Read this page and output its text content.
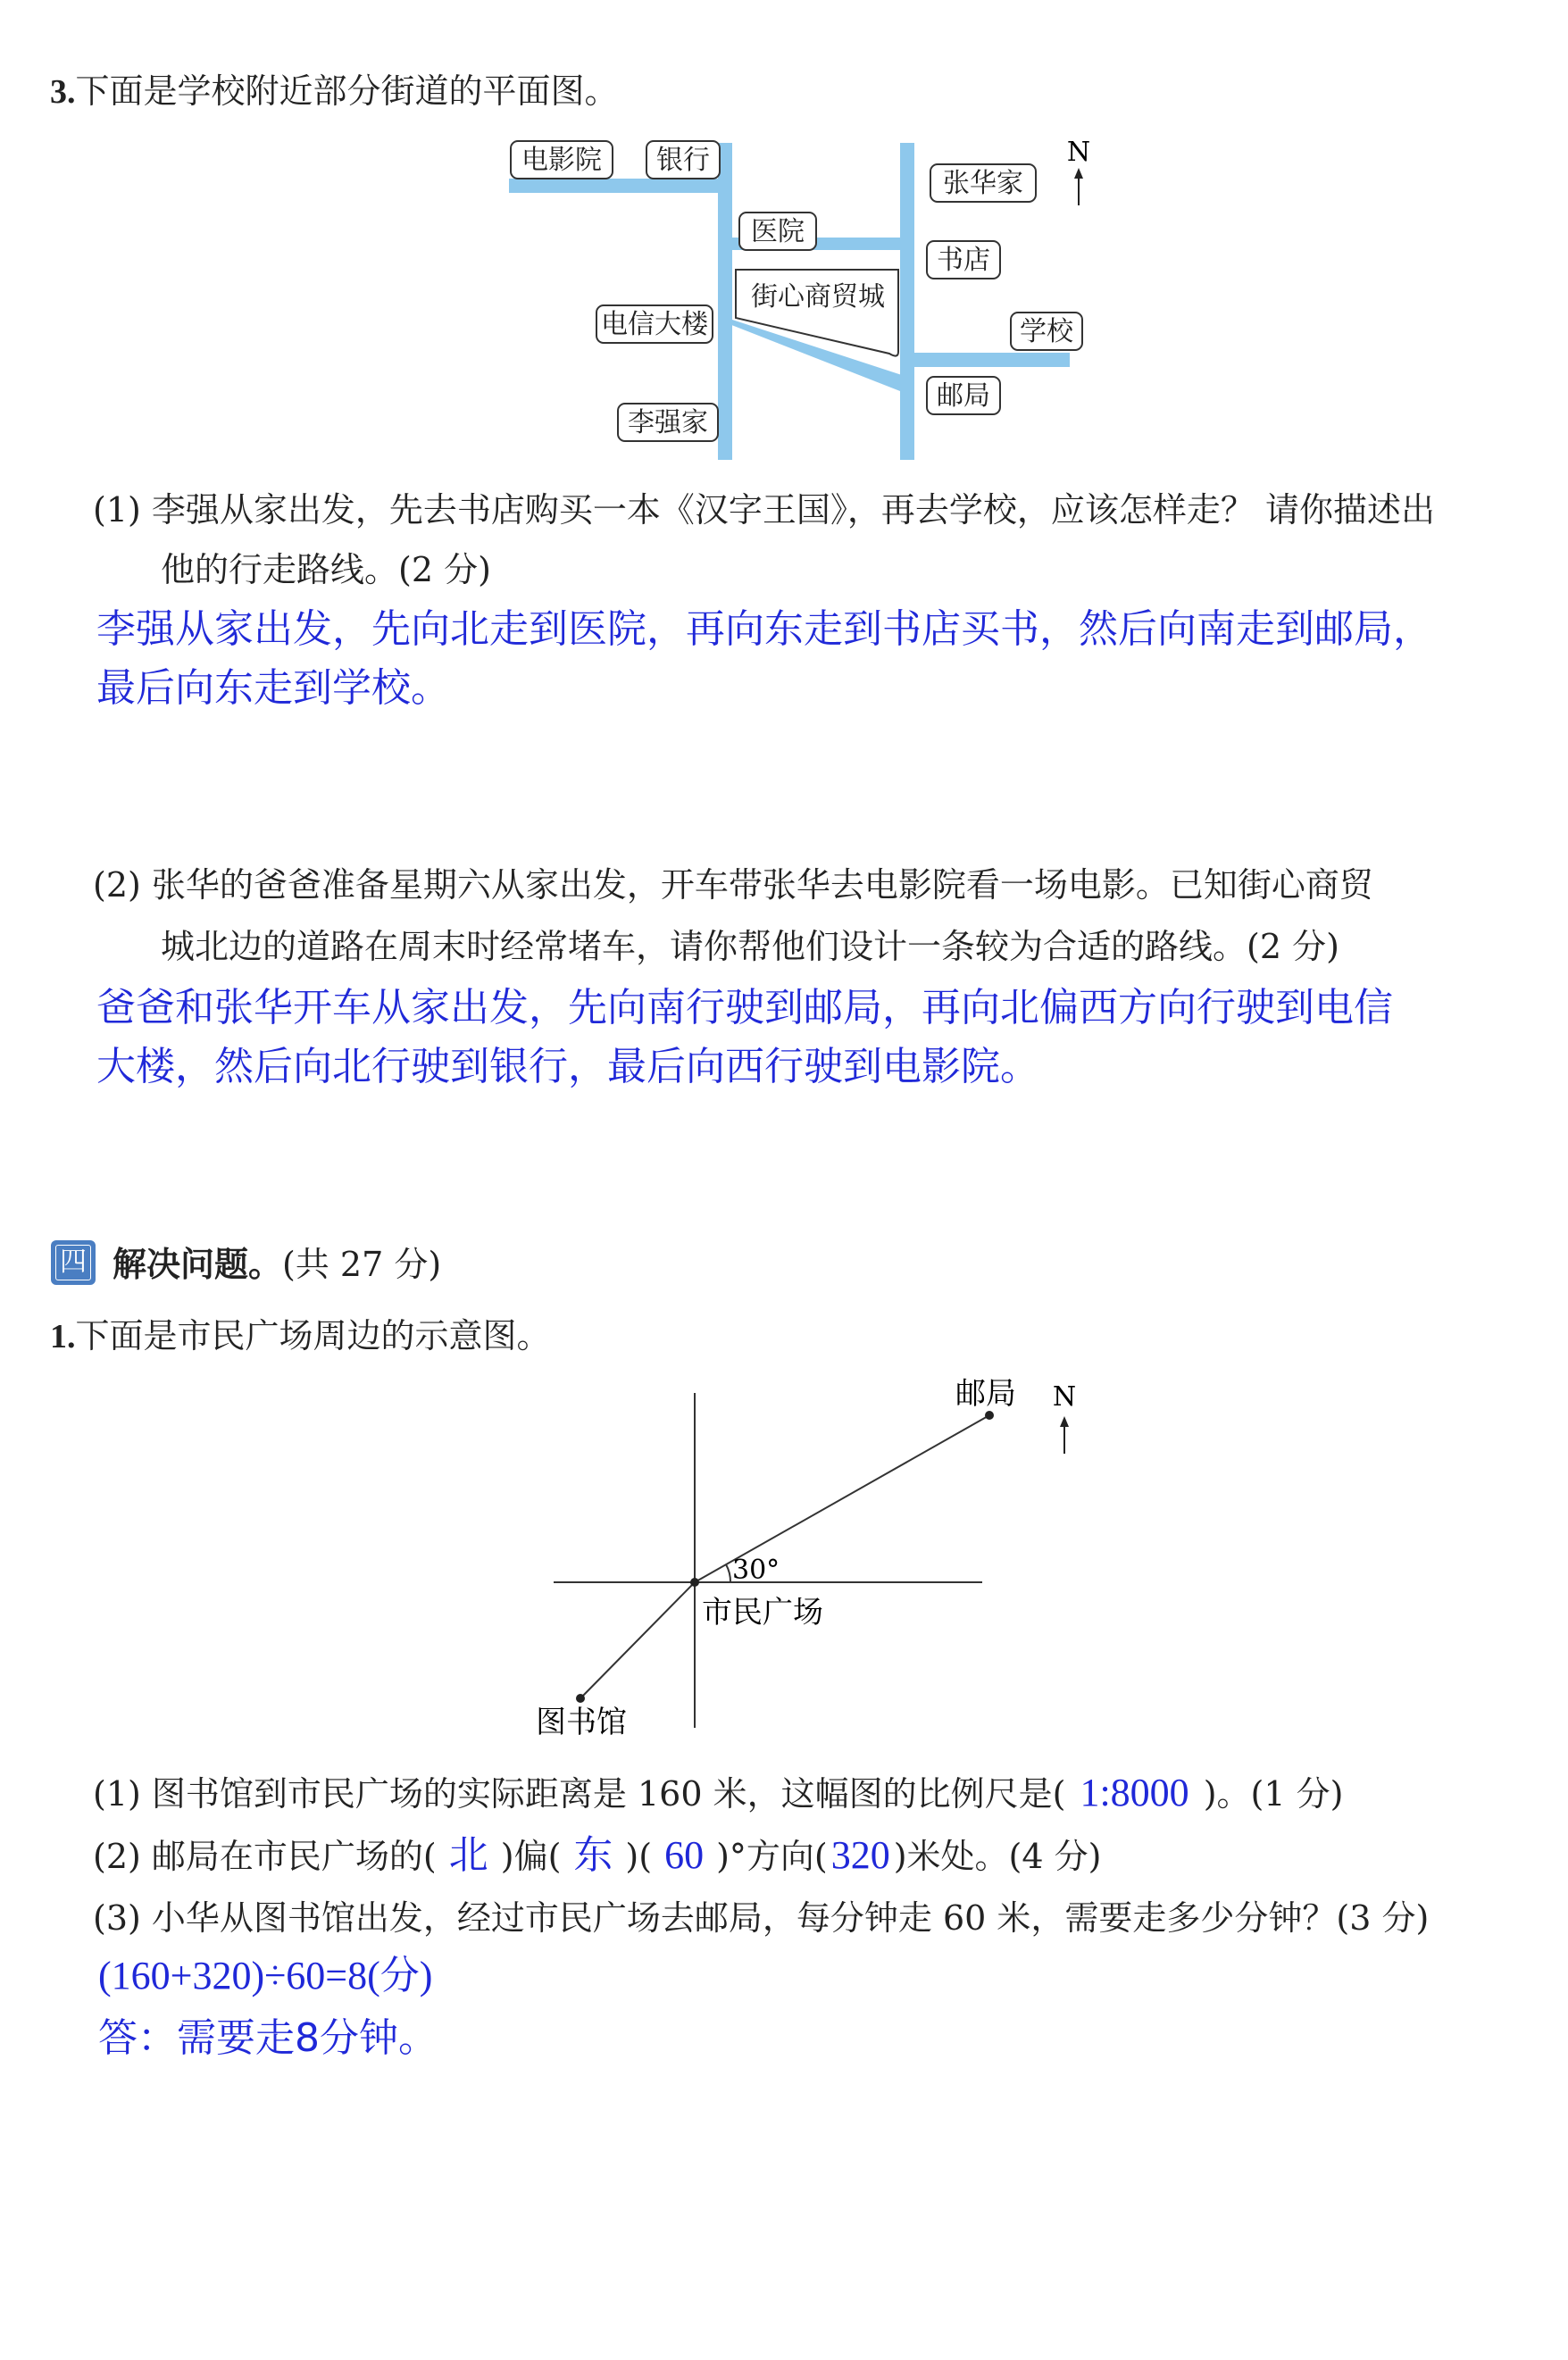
3.下面是学校附近部分街道的平面图。
电影院 银行
张华家
医院
书店
街心商贸城
电信大楼	学校
邮局
李强家
N
(1) 李强从家出发，先去书店购买一本《汉字王国》，再去学校，应该怎样走？ 请你描述出
他的行走路线。(2 分)
李强从家出发，先向北走到医院，再向东走到书店买书，然后向南走到邮局，
最后向东走到学校。
(2) 张华的爸爸准备星期六从家出发，开车带张华去电影院看一场电影。已知街心商贸
城北边的道路在周末时经常堵车，请你帮他们设计一条较为合适的路线。(2 分)
爸爸和张华开车从家出发，先向南行驶到邮局，再向北偏西方向行驶到电信
大楼，然后向北行驶到银行，最后向西行驶到电影院。
四 解决问题。(共 27 分)
1.下面是市民广场周边的示意图。
邮局
30°
市民广场
图书馆
N
(1) 图书馆到市民广场的实际距离是 160 米，这幅图的比例尺是( 1:8000 )。(1 分)
(2) 邮局在市民广场的( 北 )偏( 东 )( 60 )°方向(320 )米处。(4 分)
(3) 小华从图书馆出发，经过市民广场去邮局，每分钟走 60 米，需要走多少分钟？(3 分)
(160+320)÷60=8(分)
答：需要走8分钟。
